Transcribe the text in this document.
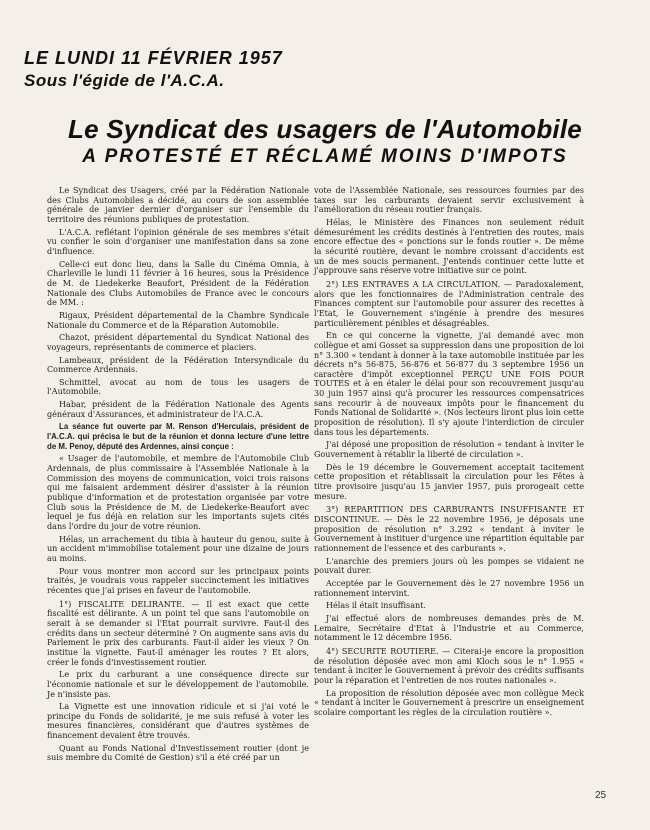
LE LUNDI 11 FÉVRIER 1957
Sous l'égide de l'A.C.A.
Le Syndicat des usagers de l'Automobile
A PROTESTÉ ET RÉCLAMÉ MOINS D'IMPOTS

Le Syndicat des Usagers, créé par la Fédération Nationale des Clubs Automobiles a décidé, au cours de son assemblée générale de janvier dernier d'organiser sur l'ensemble du territoire des réunions publiques de protestation.

L'A.C.A. reflétant l'opinion générale de ses membres s'était vu confier le soin d'organiser une manifestation dans sa zone d'influence.

Celle-ci eut donc lieu, dans la Salle du Cinéma Omnia, à Charleville le lundi 11 février à 16 heures, sous la Présidence de M. de Liedekerke Beaufort, Président de la Fédération Nationale des Clubs Automobiles de France avec le concours de MM. :

Rigaux, Président départemental de la Chambre Syndicale Nationale du Commerce et de la Réparation Automobile.

Chazot, président départemental du Syndicat National des voyageurs, représentants de commerce et placiers.

Lambeaux, président de la Fédération Intersyndicale du Commerce Ardennais.

Schmittel, avocat au nom de tous les usagers de l'Automobile.

Habar, président de la Fédération Nationale des Agents généraux d'Assurances, et administrateur de l'A.C.A.

La séance fut ouverte par M. Renson d'Herculais, président de l'A.C.A. qui précisa le but de la réunion et donna lecture d'une lettre de M. Penoy, député des Ardennes, ainsi conçue :

« Usager de l'automobile, et membre de l'Automobile Club Ardennais, de plus commissaire à l'Assemblée Nationale à la Commission des moyens de communication, voici trois raisons qui me faisaient ardemment désirer d'assister à la réunion publique d'information et de protestation organisée par votre Club sous la Présidence de M. de Liedekerke-Beaufort avec lequel je fus déjà en relation sur les importants sujets cités dans l'ordre du jour de votre réunion.

Hélas, un arrachement du tibia à hauteur du genou, suite à un accident m'immobilise totalement pour une dizaine de jours au moins.

Pour vous montrer mon accord sur les principaux points traités, je voudrais vous rappeler succinctement les initiatives récentes que j'ai prises en faveur de l'automobile.

1°) FISCALITE DELIRANTE. — Il est exact que cette fiscalité est délirante. A un point tel que sans l'automobile on serait à se demander si l'Etat pourrait survivre. Faut-il des crédits dans un secteur déterminé ? On augmente sans avis du Parlement le prix des carburants. Faut-il aider les vieux ? On institue la vignette. Faut-il aménager les routes ? Et alors, créer le fonds d'investissement routier.

Le prix du carburant a une conséquence directe sur l'économie nationale et sur le développement de l'automobile. Je n'insiste pas.

La Vignette est une innovation ridicule et si j'ai voté le principe du Fonds de solidarité, je me suis refusé à voter les mesures financières, considérant que d'autres systèmes de financement devaient être trouvés.

Quant au Fonds National d'Investissement routier (dont je suis membre du Comité de Gestion) s'il a été créé par un

vote de l'Assemblée Nationale, ses ressources fournies par des taxes sur les carburants devaient servir exclusivement à l'amélioration du réseau routier français.

Hélas, le Ministère des Finances non seulement réduit démesurément les crédits destinés à l'entretien des routes, mais encore effectue des « ponctions sur le fonds routier ». De même la sécurité routière, devant le nombre croissant d'accidents est un de mes soucis permanent. J'entends continuer cette lutte et j'approuve sans réserve votre initiative sur ce point.

2°) LES ENTRAVES A LA CIRCULATION. — Paradoxalement, alors que les fonctionnaires de l'Administration centrale des Finances comptent sur l'automobile pour assurer des recettes à l'Etat, le Gouvernement s'ingénie à prendre des mesures particulièrement pénibles et désagréables.

En ce qui concerne la vignette, j'ai demandé avec mon collègue et ami Gosset sa suppression dans une proposition de loi n° 3.300 « tendant à donner à la taxe automobile instituée par les décrets n°s 56-875, 56-876 et 56-877 du 3 septembre 1956 un caractère d'impôt exceptionnel PERÇU UNE FOIS POUR TOUTES et à en étaler le délai pour son recouvrement jusqu'au 30 juin 1957 ainsi qu'à procurer les ressources compensatrices sans recourir à de nouveaux impôts pour le financement du Fonds National de Solidarité ». (Nos lecteurs liront plus loin cette proposition de résolution). Il s'y ajoute l'interdiction de circuler dans tous les départements.

J'ai déposé une proposition de résolution « tendant à inviter le Gouvernement à rétablir la liberté de circulation ».

Dès le 19 décembre le Gouvernement acceptait tacitement cette proposition et rétablissait la circulation pour les Fêtes à titre provisoire jusqu'au 15 janvier 1957, puis prorogeait cette mesure.

3°) REPARTITION DES CARBURANTS INSUFFISANTE ET DISCONTINUE. — Dès le 22 novembre 1956, je déposais une proposition de résolution n° 3.292 « tendant à inviter le Gouvernement à instituer d'urgence une répartition équitable par rationnement de l'essence et des carburants ».

L'anarchie des premiers jours où les pompes se vidaient ne pouvait durer.

Acceptée par le Gouvernement dès le 27 novembre 1956 un rationnement intervint.

Hélas il était insuffisant.

J'ai effectué alors de nombreuses demandes près de M. Lemaire, Secrétaire d'Etat à l'Industrie et au Commerce, notamment le 12 décembre 1956.

4°) SECURITE ROUTIERE. — Citerai-je encore la proposition de résolution déposée avec mon ami Kloch sous le n° 1.955 « tendant à inciter le Gouvernement à prévoir des crédits suffisants pour la réparation et l'entretien de nos routes nationales ».

La proposition de résolution déposée avec mon collègue Meck « tendant à inciter le Gouvernement à prescrire un enseignement scolaire comportant les règles de la circulation routière ».

25
